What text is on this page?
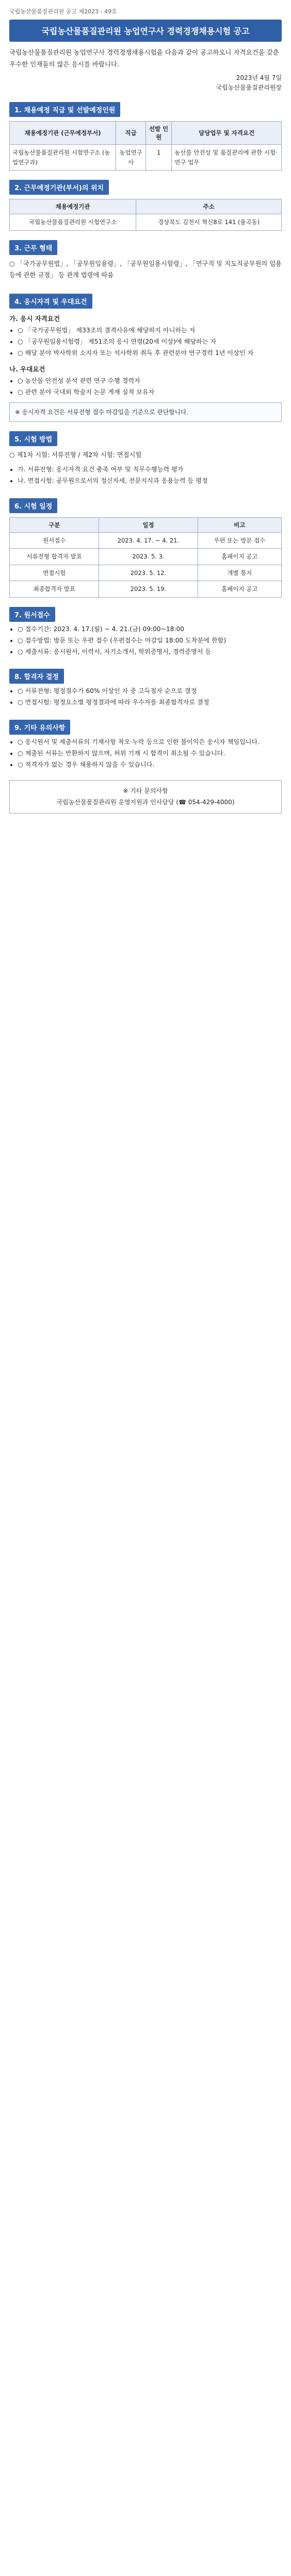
국립농산물품질관리원 공고 제2023 - 49호
국립농산물품질관리원 농업연구사 경력경쟁채용시험 공고
국립농산물품질관리원 농업연구사 경력경쟁채용시험을 다음과 같이 공고하오니 자격요건을 갖춘 우수한 인재들의 많은 응시를 바랍니다.
2023년 4월 7일
국립농산물품질관리원장
1. 채용예정 직급 및 선발예정인원
채용예정기관 (근무예정부서)	직급	선발 인원	담당업무 및 자격요건
국립농산물품질관리원 시험연구소 (농업연구과)	농업연구사	1	농산물 안전성 및 품질관리에 관한 시험·연구 업무
2. 근무예정기관(부서)의 위치
채용예정기관	주소
국립농산물품질관리원 시험연구소	경상북도 김천시 혁신8로 141 (율곡동)
3. 근무 형태
○ 「국가공무원법」, 「공무원임용령」, 「공무원임용시험령」, 「연구직 및 지도직공무원의 임용 등에 관한 규정」 등 관계 법령에 따름
4. 응시자격 및 우대요건
가. 응시 자격요건
• ○ 「국가공무원법」 제33조의 결격사유에 해당하지 아니하는 자
• ○ 「공무원임용시험령」 제51조의 응시 연령(20세 이상)에 해당하는 자
• ○ 해당 분야 박사학위 소지자 또는 석사학위 취득 후 관련분야 연구경력 1년 이상인 자
나. 우대요건
• ○ 농산물 안전성 분석 관련 연구 수행 경력자
• ○ 관련 분야 국내외 학술지 논문 게재 실적 보유자
※ 응시자격 요건은 서류전형 접수 마감일을 기준으로 판단합니다.
5. 시험 방법
○ 제1차 시험: 서류전형 / 제2차 시험: 면접시험
• 가. 서류전형: 응시자격 요건 충족 여부 및 직무수행능력 평가
• 나. 면접시험: 공무원으로서의 정신자세, 전문지식과 응용능력 등 평정
6. 시험 일정
구분	일정	비고
원서접수	2023. 4. 17. ~ 4. 21.	우편 또는 방문 접수
서류전형 합격자 발표	2023. 5. 3.	홈페이지 공고
면접시험	2023. 5. 12.	개별 통지
최종합격자 발표	2023. 5. 19.	홈페이지 공고
7. 원서접수
• ○ 접수기간: 2023. 4. 17.(월) ~ 4. 21.(금) 09:00~18:00
• ○ 접수방법: 방문 또는 우편 접수 (우편접수는 마감일 18:00 도착분에 한함)
• ○ 제출서류: 응시원서, 이력서, 자기소개서, 학위증명서, 경력증명서 등
8. 합격자 결정
• ○ 서류전형: 평정점수가 60% 이상인 자 중 고득점자 순으로 결정
• ○ 면접시험: 평정요소별 평정결과에 따라 우수자를 최종합격자로 결정
9. 기타 유의사항
• ○ 응시원서 및 제출서류의 기재사항 착오·누락 등으로 인한 불이익은 응시자 책임입니다.
• ○ 제출된 서류는 반환하지 않으며, 허위 기재 시 합격이 취소될 수 있습니다.
• ○ 적격자가 없는 경우 채용하지 않을 수 있습니다.
※ 기타 문의사항
국립농산물품질관리원 운영지원과 인사담당 (☎ 054-429-4000)
